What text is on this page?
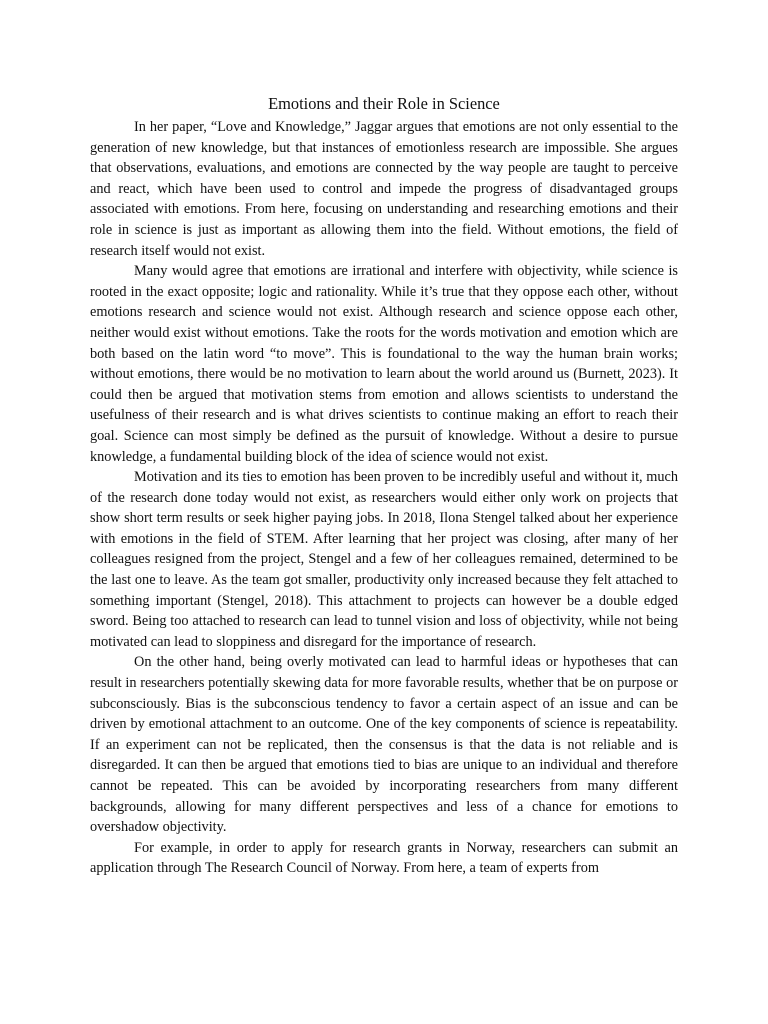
Emotions and their Role in Science

In her paper, “Love and Knowledge,” Jaggar argues that emotions are not only essential to the generation of new knowledge, but that instances of emotionless research are impossible. She argues that observations, evaluations, and emotions are connected by the way people are taught to perceive and react, which have been used to control and impede the progress of disadvantaged groups associated with emotions. From here, focusing on understanding and researching emotions and their role in science is just as important as allowing them into the field. Without emotions, the field of research itself would not exist.

Many would agree that emotions are irrational and interfere with objectivity, while science is rooted in the exact opposite; logic and rationality. While it’s true that they oppose each other, without emotions research and science would not exist. Although research and science oppose each other, neither would exist without emotions. Take the roots for the words motivation and emotion which are both based on the latin word “to move”. This is foundational to the way the human brain works; without emotions, there would be no motivation to learn about the world around us (Burnett, 2023). It could then be argued that motivation stems from emotion and allows scientists to understand the usefulness of their research and is what drives scientists to continue making an effort to reach their goal. Science can most simply be defined as the pursuit of knowledge. Without a desire to pursue knowledge, a fundamental building block of the idea of science would not exist.

Motivation and its ties to emotion has been proven to be incredibly useful and without it, much of the research done today would not exist, as researchers would either only work on projects that show short term results or seek higher paying jobs. In 2018, Ilona Stengel talked about her experience with emotions in the field of STEM. After learning that her project was closing, after many of her colleagues resigned from the project, Stengel and a few of her colleagues remained, determined to be the last one to leave. As the team got smaller, productivity only increased because they felt attached to something important (Stengel, 2018). This attachment to projects can however be a double edged sword. Being too attached to research can lead to tunnel vision and loss of objectivity, while not being motivated can lead to sloppiness and disregard for the importance of research.

On the other hand, being overly motivated can lead to harmful ideas or hypotheses that can result in researchers potentially skewing data for more favorable results, whether that be on purpose or subconsciously. Bias is the subconscious tendency to favor a certain aspect of an issue and can be driven by emotional attachment to an outcome. One of the key components of science is repeatability. If an experiment can not be replicated, then the consensus is that the data is not reliable and is disregarded. It can then be argued that emotions tied to bias are unique to an individual and therefore cannot be repeated. This can be avoided by incorporating researchers from many different backgrounds, allowing for many different perspectives and less of a chance for emotions to overshadow objectivity.

For example, in order to apply for research grants in Norway, researchers can submit an application through The Research Council of Norway. From here, a team of experts from
